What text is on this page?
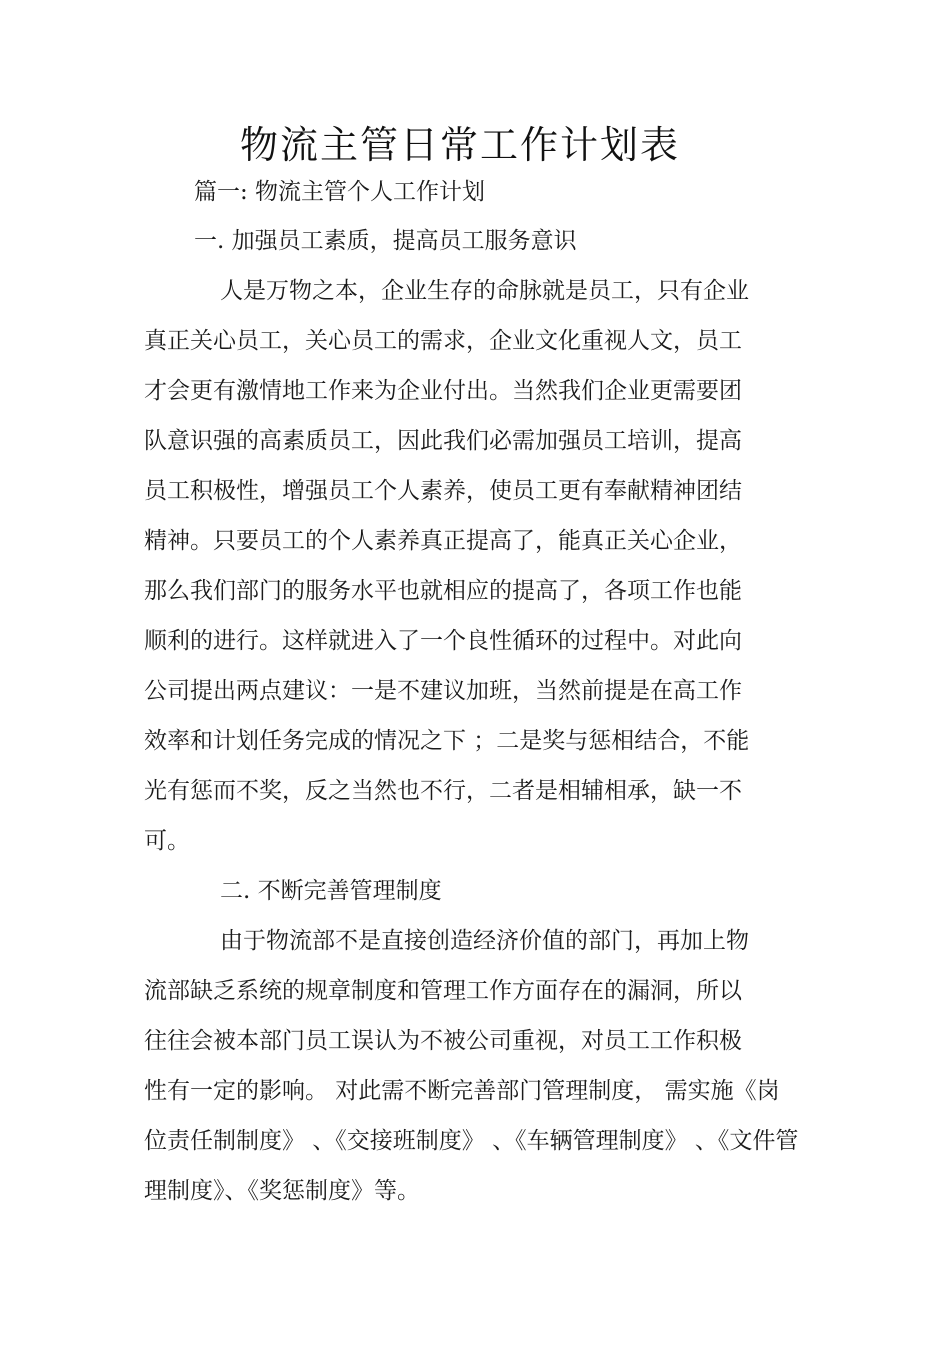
物流主管日常工作计划表
篇一: 物流主管个人工作计划
一. 加强员工素质，提高员工服务意识
人是万物之本，企业生存的命脉就是员工，只有企业
真正关心员工，关心员工的需求，企业文化重视人文，员工
才会更有激情地工作来为企业付出。当然我们企业更需要团
队意识强的高素质员工，因此我们必需加强员工培训，提高
员工积极性，增强员工个人素养，使员工更有奉献精神团结
精神。只要员工的个人素养真正提高了，能真正关心企业，
那么我们部门的服务水平也就相应的提高了，各项工作也能
顺利的进行。这样就进入了一个良性循环的过程中。对此向
公司提出两点建议：一是不建议加班，当然前提是在高工作
效率和计划任务完成的情况之下 ；二是奖与惩相结合，不能
光有惩而不奖，反之当然也不行，二者是相辅相承，缺一不
可。
二. 不断完善管理制度
由于物流部不是直接创造经济价值的部门，再加上物
流部缺乏系统的规章制度和管理工作方面存在的漏洞，所以
往往会被本部门员工误认为不被公司重视，对员工工作积极
性有一定的影响。 对此需不断完善部门管理制度， 需实施《岗
位责任制制度》 、《交接班制度》 、《车辆管理制度》 、《文件管
理制度》、《奖惩制度》等。
